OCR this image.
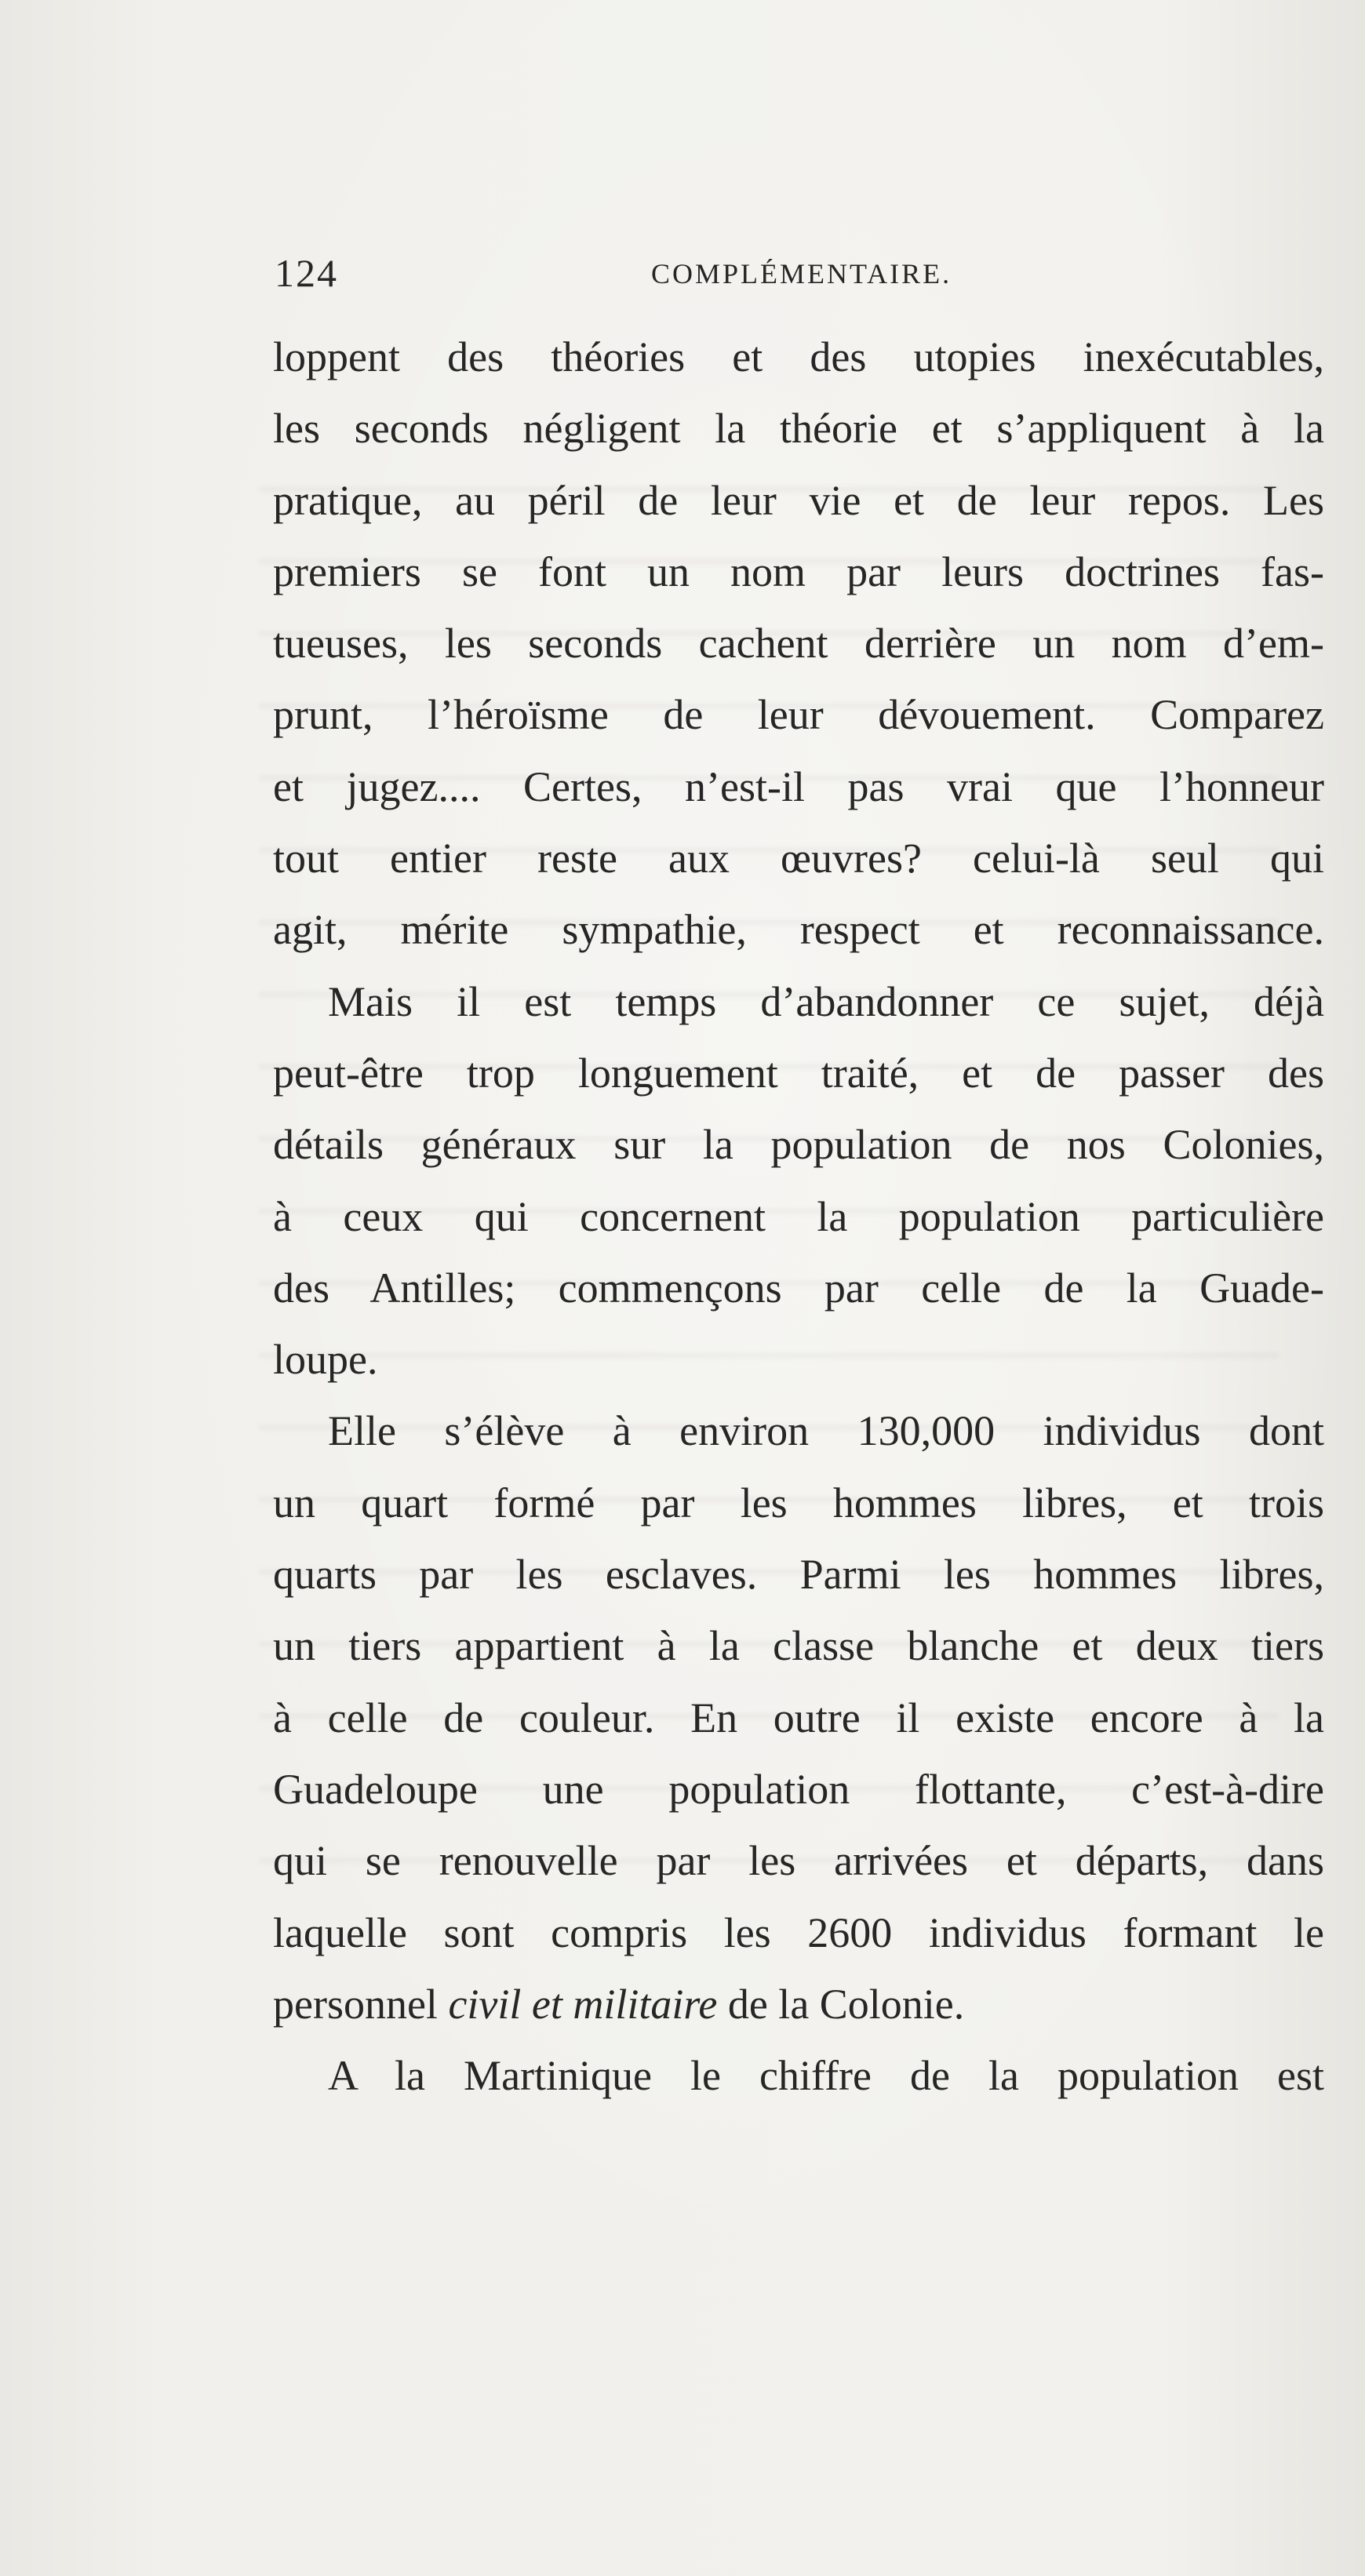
124	COMPLÉMENTAIRE.
loppent des théories et des utopies inexécutables,
les seconds négligent la théorie et s’appliquent à la
pratique, au péril de leur vie et de leur repos. Les
premiers se font un nom par leurs doctrines fas-
tueuses, les seconds cachent derrière un nom d’em-
prunt, l’héroïsme de leur dévouement. Comparez
et jugez.... Certes, n’est-il pas vrai que l’honneur
tout entier reste aux œuvres? celui-là seul qui
agit, mérite sympathie, respect et reconnaissance.
Mais il est temps d’abandonner ce sujet, déjà
peut-être trop longuement traité, et de passer des
détails généraux sur la population de nos Colonies,
à ceux qui concernent la population particulière
des Antilles; commençons par celle de la Guade-
loupe.
Elle s’élève à environ 130,000 individus dont
un quart formé par les hommes libres, et trois
quarts par les esclaves. Parmi les hommes libres,
un tiers appartient à la classe blanche et deux tiers
à celle de couleur. En outre il existe encore à la
Guadeloupe une population flottante, c’est-à-dire
qui se renouvelle par les arrivées et départs, dans
laquelle sont compris les 2600 individus formant le
personnel civil et militaire de la Colonie.
A la Martinique le chiffre de la population est
